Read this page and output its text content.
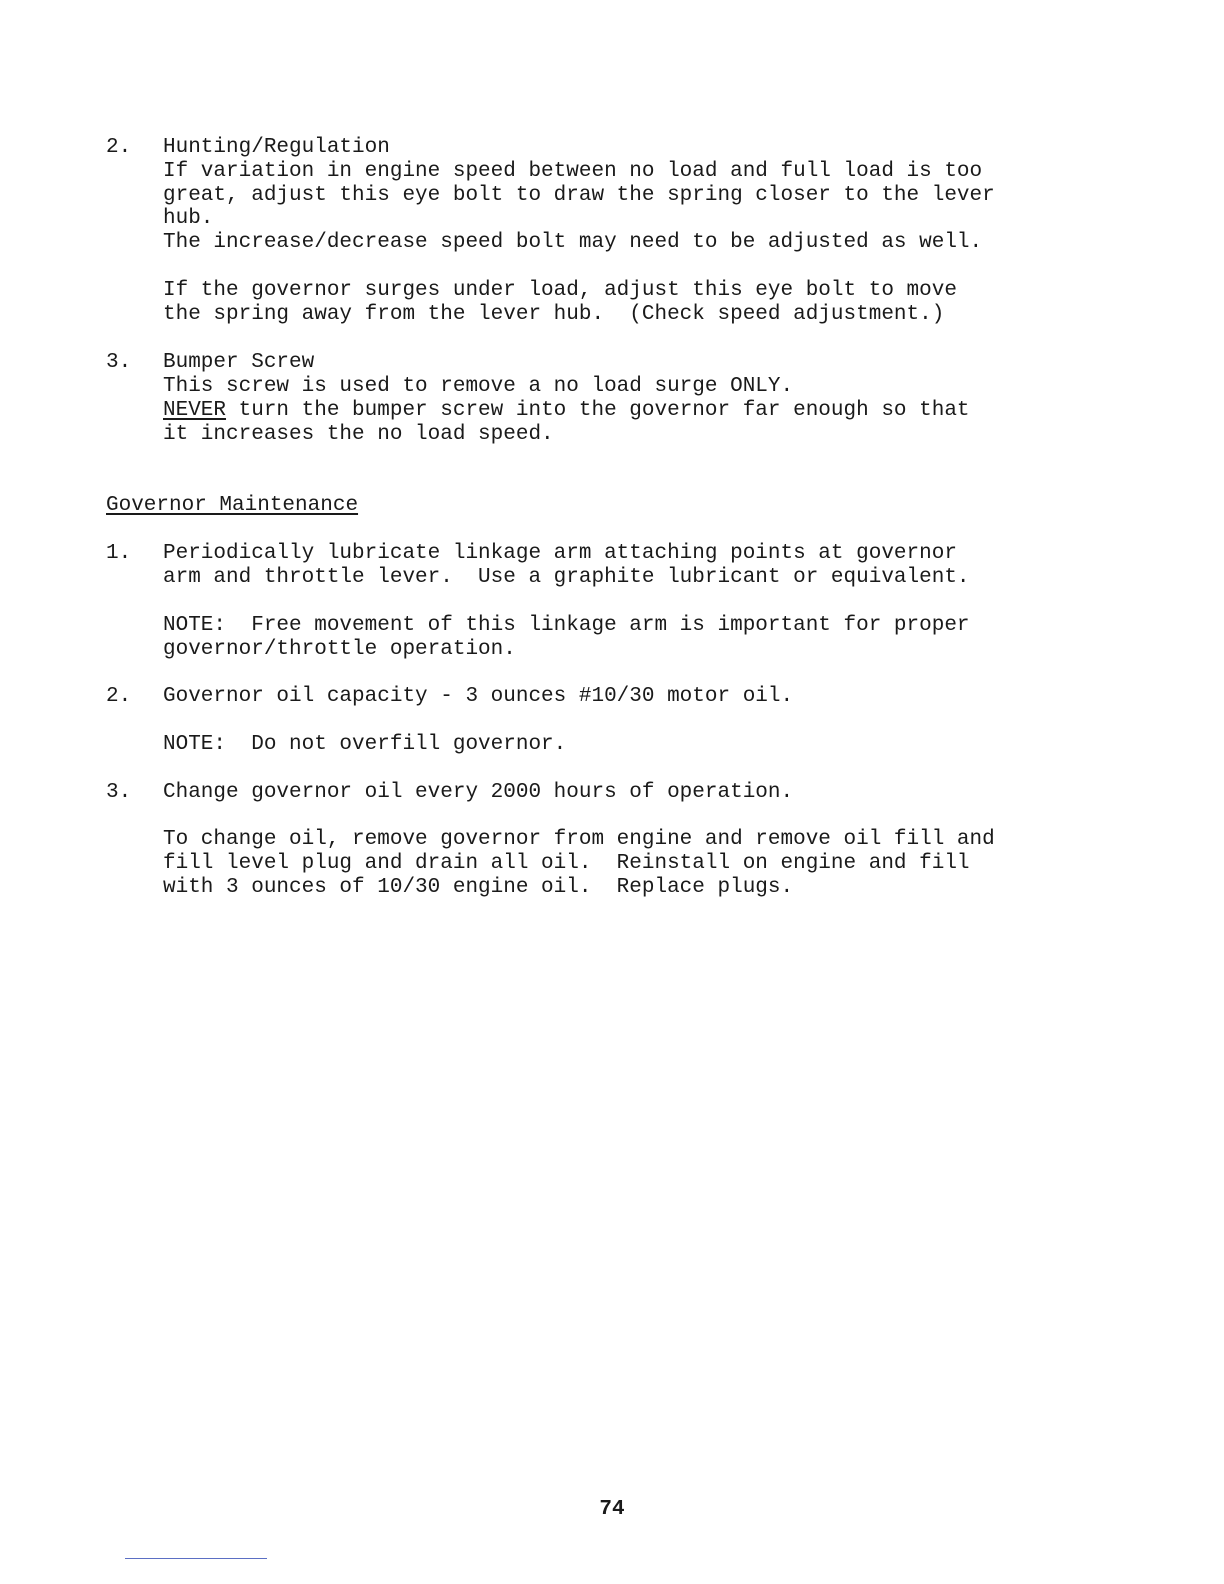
2. Hunting/Regulation
If variation in engine speed between no load and full load is too
great, adjust this eye bolt to draw the spring closer to the lever
hub.
The increase/decrease speed bolt may need to be adjusted as well.
If the governor surges under load, adjust this eye bolt to move
the spring away from the lever hub.  (Check speed adjustment.)
3. Bumper Screw
This screw is used to remove a no load surge ONLY.
NEVER turn the bumper screw into the governor far enough so that
it increases the no load speed.
Governor Maintenance
1. Periodically lubricate linkage arm attaching points at governor
arm and throttle lever.  Use a graphite lubricant or equivalent.
NOTE:  Free movement of this linkage arm is important for proper
governor/throttle operation.
2. Governor oil capacity - 3 ounces #10/30 motor oil.
NOTE:  Do not overfill governor.
3. Change governor oil every 2000 hours of operation.
To change oil, remove governor from engine and remove oil fill and
fill level plug and drain all oil.  Reinstall on engine and fill
with 3 ounces of 10/30 engine oil.  Replace plugs.
74
